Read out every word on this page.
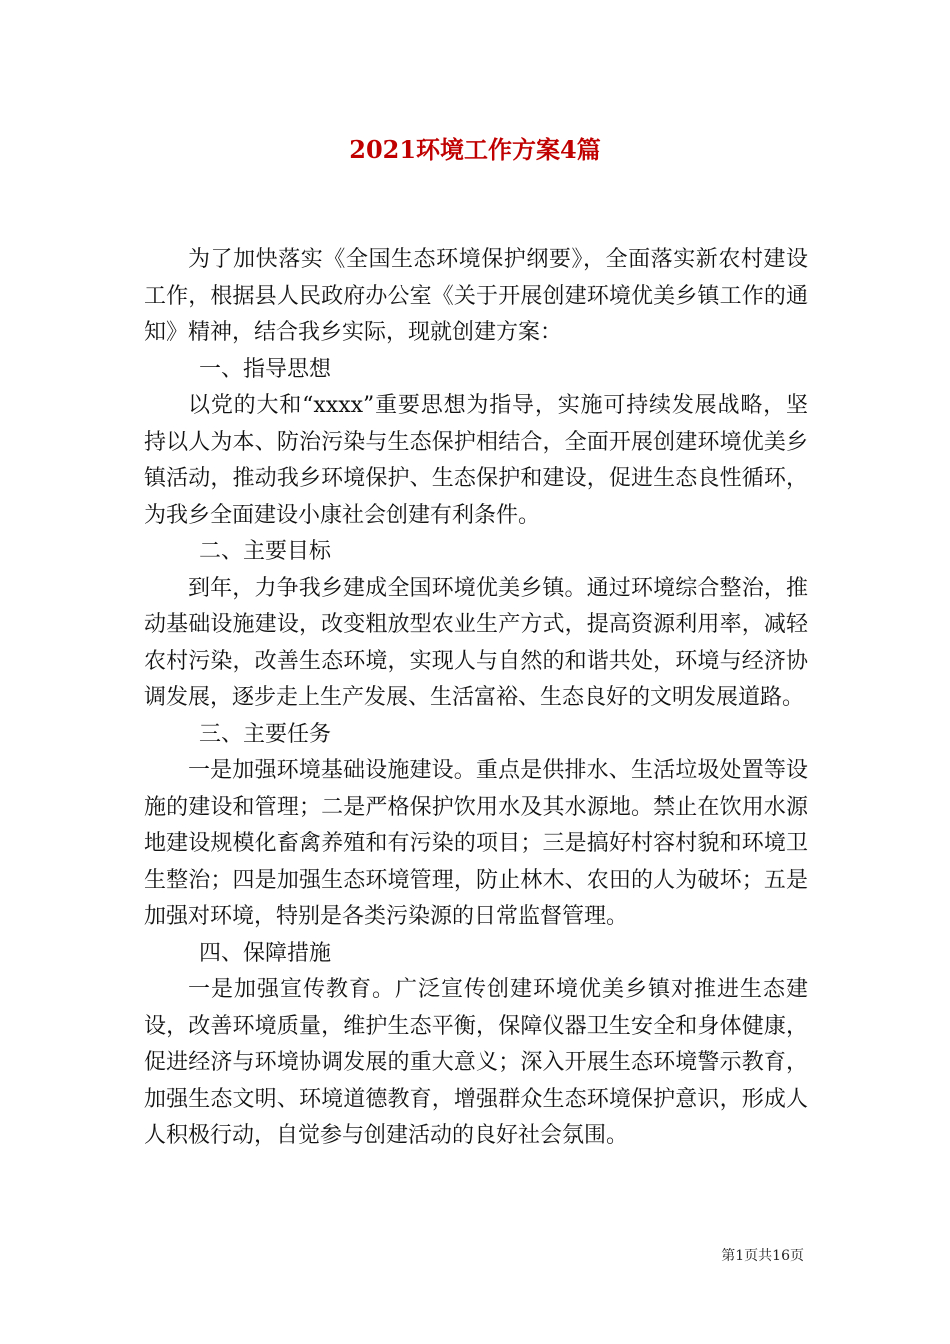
2021环境工作方案4篇

为了加快落实《全国生态环境保护纲要》，全面落实新农村建设工作，根据县人民政府办公室《关于开展创建环境优美乡镇工作的通知》精神，结合我乡实际，现就创建方案：

一、指导思想

以党的大和“xxxx”重要思想为指导，实施可持续发展战略，坚持以人为本、防治污染与生态保护相结合，全面开展创建环境优美乡镇活动，推动我乡环境保护、生态保护和建设，促进生态良性循环，为我乡全面建设小康社会创建有利条件。

二、主要目标

到年，力争我乡建成全国环境优美乡镇。通过环境综合整治，推动基础设施建设，改变粗放型农业生产方式，提高资源利用率，减轻农村污染，改善生态环境，实现人与自然的和谐共处，环境与经济协调发展，逐步走上生产发展、生活富裕、生态良好的文明发展道路。

三、主要任务

一是加强环境基础设施建设。重点是供排水、生活垃圾处置等设施的建设和管理；二是严格保护饮用水及其水源地。禁止在饮用水源地建设规模化畜禽养殖和有污染的项目；三是搞好村容村貌和环境卫生整治；四是加强生态环境管理，防止林木、农田的人为破坏；五是加强对环境，特别是各类污染源的日常监督管理。

四、保障措施

一是加强宣传教育。广泛宣传创建环境优美乡镇对推进生态建设，改善环境质量，维护生态平衡，保障仪器卫生安全和身体健康，促进经济与环境协调发展的重大意义；深入开展生态环境警示教育，加强生态文明、环境道德教育，增强群众生态环境保护意识，形成人人积极行动，自觉参与创建活动的良好社会氛围。

第1页共16页
